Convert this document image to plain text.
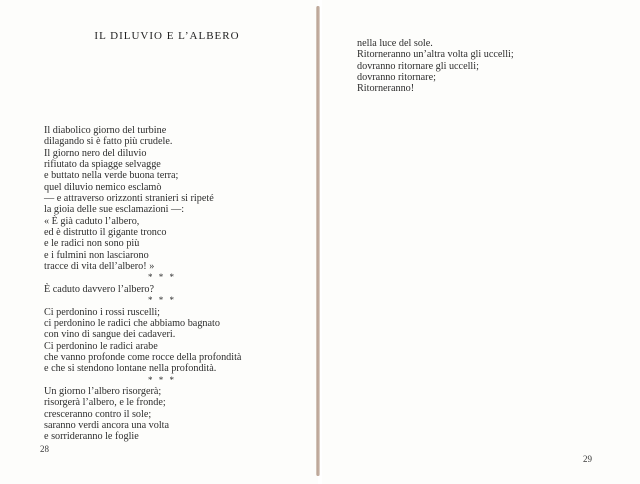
IL DILUVIO E L’ALBERO
Il diabolico giorno del turbine
dilagando si è fatto più crudele.
Il giorno nero del diluvio
rifiutato da spiagge selvagge
e buttato nella verde buona terra;
quel diluvio nemico esclamò
— e attraverso orizzonti stranieri si ripeté
la gioia delle sue esclamazioni —:
« È già caduto l’albero,
ed è distrutto il gigante tronco
e le radici non sono più
e i fulmini non lasciarono
tracce di vita dell’albero! »
* * *
È caduto davvero l’albero?
* * *
Ci perdonino i rossi ruscelli;
ci perdonino le radici che abbiamo bagnato
con vino di sangue dei cadaveri.
Ci perdonino le radici arabe
che vanno profonde come rocce della profondità
e che si stendono lontane nella profondità.
* * *
Un giorno l’albero risorgerà;
risorgerà l’albero, e le fronde;
cresceranno contro il sole;
saranno verdi ancora una volta
e sorrideranno le foglie
nella luce del sole.
Ritorneranno un’altra volta gli uccelli;
dovranno ritornare gli uccelli;
dovranno ritornare;
Ritorneranno!
28
29
